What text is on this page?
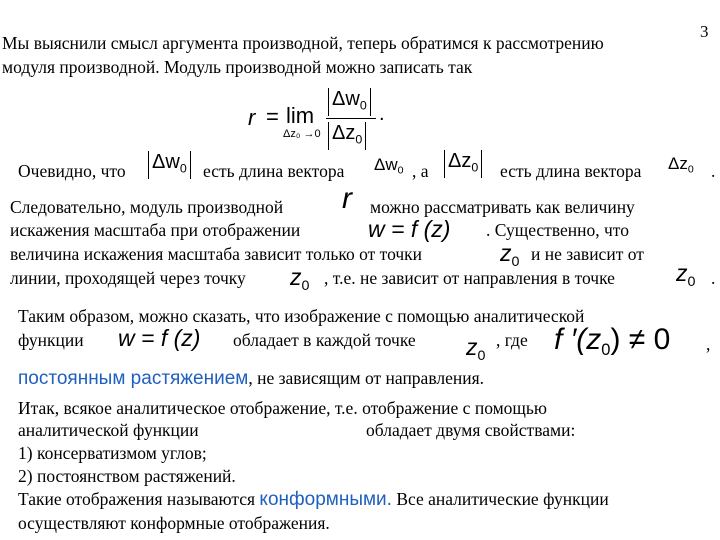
3
Мы выяснили смысл аргумента производной, теперь обратимся к рассмотрению
модуля производной. Модуль производной можно записать так
r = lim
Δz₀ →0
$\Delta w_0$
$\Delta z_0$
.
Очевидно, что $\Delta w_0$ есть длина вектора $\Delta w_0$ , а $\Delta z_0$ есть длина вектора $\Delta z_0$ .
Следовательно, модуль производной r можно рассматривать как величину
искажения масштаба при отображении	w = f (z) . Существенно, что
величина искажения масштаба зависит только от точки	$z_0$ и не зависит от
линии, проходящей через точку $z_0$ , т.е. не зависит от направления в точке	$z_0$ .
Таким образом, можно сказать, что изображение с помощью аналитической
функции w = f (z) обладает в каждой точке $z_0$
, где f $'(z_0) \ne 0$ ,
постоянным растяжением, не зависящим от направления.
Итак, всякое аналитическое отображение, т.е. отображение с помощью
аналитической функции	обладает двумя свойствами:
1) консерватизмом углов;
2) постоянством растяжений.
Такие отображения называются конформными. Все аналитические функции
осуществляют конформные отображения.
